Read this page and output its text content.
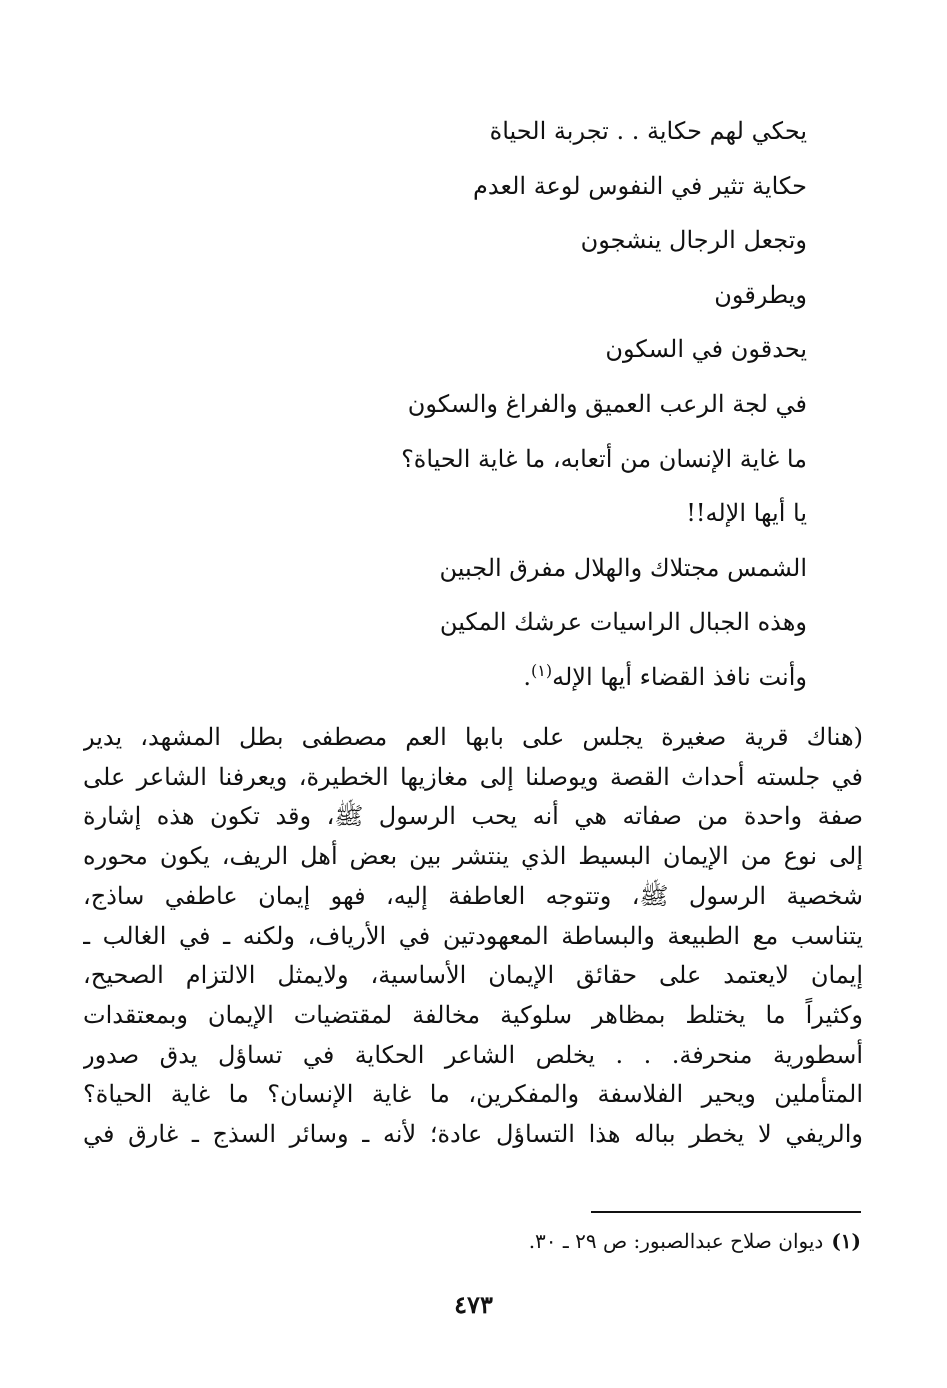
يحكي لهم حكاية . . تجربة الحياة
حكاية تثير في النفوس لوعة العدم
وتجعل الرجال ينشجون
ويطرقون
يحدقون في السكون
في لجة الرعب العميق والفراغ والسكون
ما غاية الإنسان من أتعابه، ما غاية الحياة؟
يا أيها الإله!!
الشمس مجتلاك والهلال مفرق الجبين
وهذه الجبال الراسيات عرشك المكين
وأنت نافذ القضاء أيها الإله$^{(١)}$.
(هناك قرية صغيرة يجلس على بابها العم مصطفى بطل المشهد، يدير
في جلسته أحداث القصة ويوصلنا إلى مغازيها الخطيرة، ويعرفنا الشاعر على
صفة واحدة من صفاته هي أنه يحب الرسول ﷺ، وقد تكون هذه إشارة
إلى نوع من الإيمان البسيط الذي ينتشر بين بعض أهل الريف، يكون محوره
شخصية الرسول ﷺ، وتتوجه العاطفة إليه، فهو إيمان عاطفي ساذج،
يتناسب مع الطبيعة والبساطة المعهودتين في الأرياف، ولكنه ـ في الغالب ـ
إيمان لايعتمد على حقائق الإيمان الأساسية، ولايمثل الالتزام الصحيح،
وكثيراً ما يختلط بمظاهر سلوكية مخالفة لمقتضيات الإيمان وبمعتقدات
أسطورية منحرفة. . . يخلص الشاعر الحكاية في تساؤل يدق صدور
المتأملين ويحير الفلاسفة والمفكرين، ما غاية الإنسان؟ ما غاية الحياة؟
والريفي لا يخطر بباله هذا التساؤل عادة؛ لأنه ـ وسائر السذج ـ غارق في
(١)ديوان صلاح عبدالصبور: ص ٢٩ ـ ٣٠.
٤٧٣
